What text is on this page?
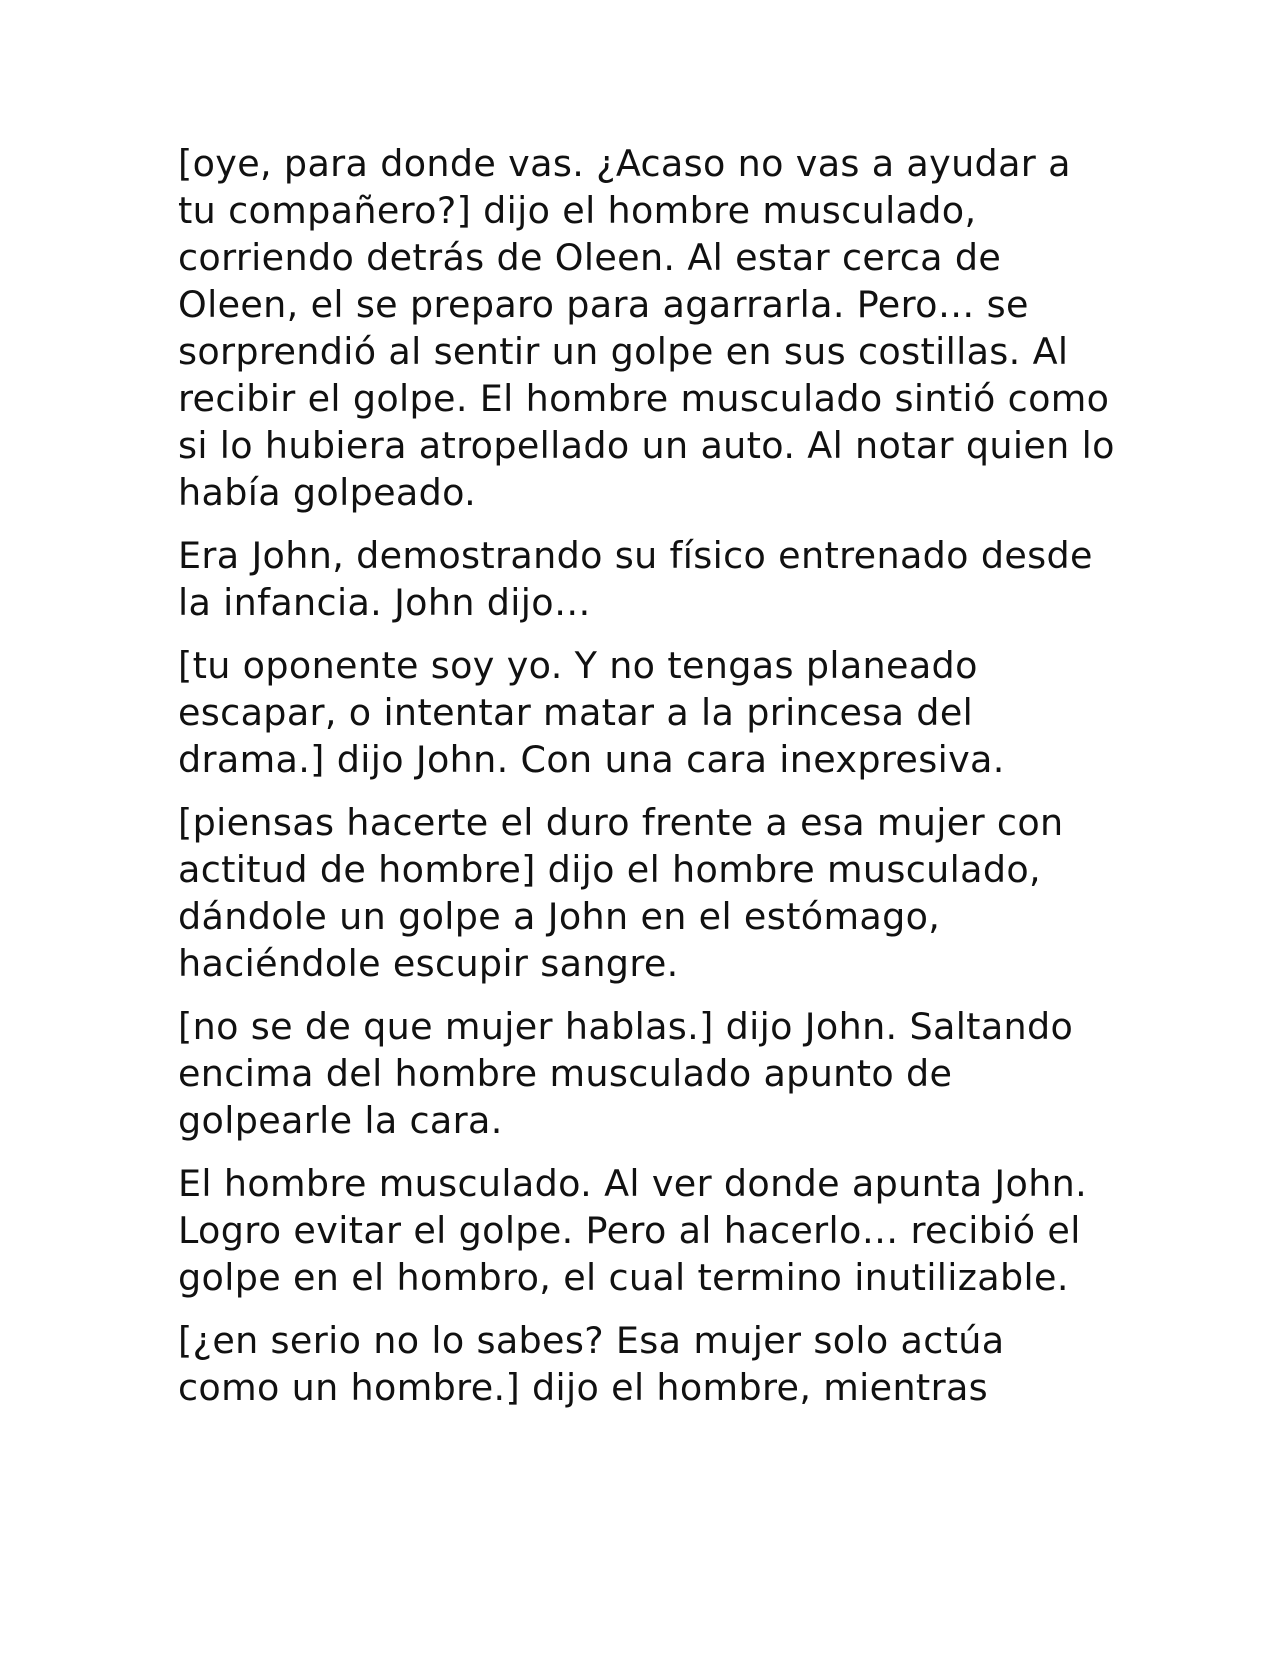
[oye, para donde vas. ¿Acaso no vas a ayudar a tu compañero?] dijo el hombre musculado, corriendo detrás de Oleen. Al estar cerca de Oleen, el se preparo para agarrarla. Pero… se sorprendió al sentir un golpe en sus costillas. Al recibir el golpe. El hombre musculado sintió como si lo hubiera atropellado un auto. Al notar quien lo había golpeado.

Era John, demostrando su físico entrenado desde la infancia. John dijo…

[tu oponente soy yo. Y no tengas planeado escapar, o intentar matar a la princesa del drama.] dijo John. Con una cara inexpresiva.

[piensas hacerte el duro frente a esa mujer con actitud de hombre] dijo el hombre musculado, dándole un golpe a John en el estómago, haciéndole escupir sangre.

[no se de que mujer hablas.] dijo John. Saltando encima del hombre musculado apunto de golpearle la cara.

El hombre musculado. Al ver donde apunta John. Logro evitar el golpe. Pero al hacerlo… recibió el golpe en el hombro, el cual termino inutilizable.

[¿en serio no lo sabes? Esa mujer solo actúa como un hombre.] dijo el hombre, mientras
